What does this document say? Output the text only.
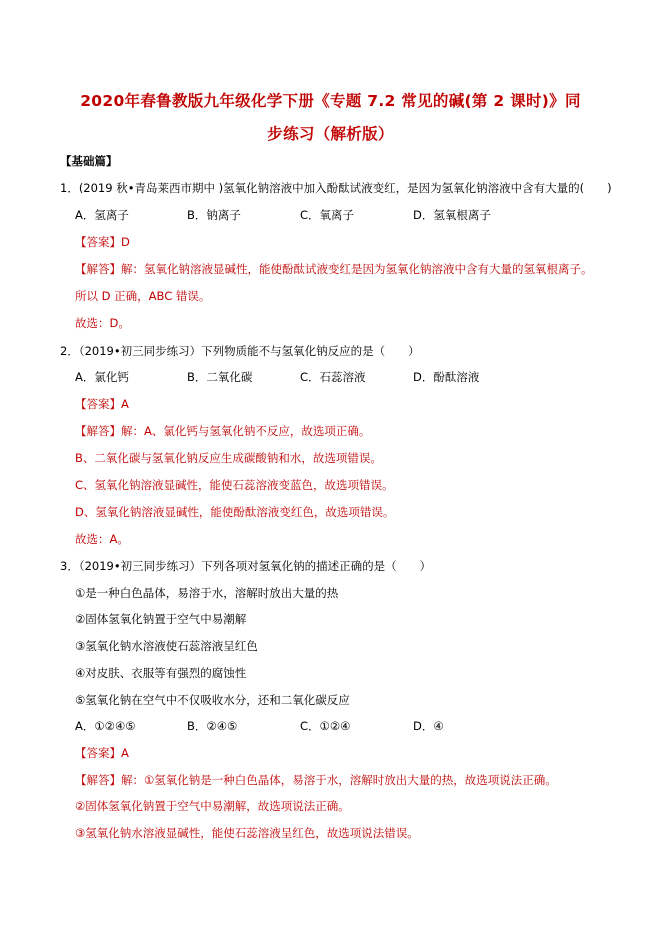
2020年春鲁教版九年级化学下册《专题 7.2 常见的碱(第 2 课时)》同
步练习（解析版）
【基础篇】
1．(2019 秋•青岛莱西市期中 )氢氧化钠溶液中加入酚酞试液变红，是因为氢氧化钠溶液中含有大量的(　　)
A．氢离子	B．钠离子	C．氧离子	D．氢氧根离子
【答案】D
【解答】解：氢氧化钠溶液显碱性，能使酚酞试液变红是因为氢氧化钠溶液中含有大量的氢氧根离子。
所以 D 正确，ABC 错误。
故选：D。
2．（2019•初三同步练习）下列物质能不与氢氧化钠反应的是（　　）
A．氯化钙	B．二氧化碳	C．石蕊溶液	D．酚酞溶液
【答案】A
【解答】解：A、氯化钙与氢氧化钠不反应，故选项正确。
B、二氧化碳与氢氧化钠反应生成碳酸钠和水，故选项错误。
C、氢氧化钠溶液显碱性，能使石蕊溶液变蓝色，故选项错误。
D、氢氧化钠溶液显碱性，能使酚酞溶液变红色，故选项错误。
故选：A。
3．（2019•初三同步练习）下列各项对氢氧化钠的描述正确的是（　　）
①是一种白色晶体，易溶于水，溶解时放出大量的热
②固体氢氧化钠置于空气中易潮解
③氢氧化钠水溶液使石蕊溶液呈红色
④对皮肤、衣服等有强烈的腐蚀性
⑤氢氧化钠在空气中不仅吸收水分，还和二氧化碳反应
A．①②④⑤	B．②④⑤	C．①②④	D．④
【答案】A
【解答】解：①氢氧化钠是一种白色晶体，易溶于水，溶解时放出大量的热，故选项说法正确。
②固体氢氧化钠置于空气中易潮解，故选项说法正确。
③氢氧化钠水溶液显碱性，能使石蕊溶液呈红色，故选项说法错误。
